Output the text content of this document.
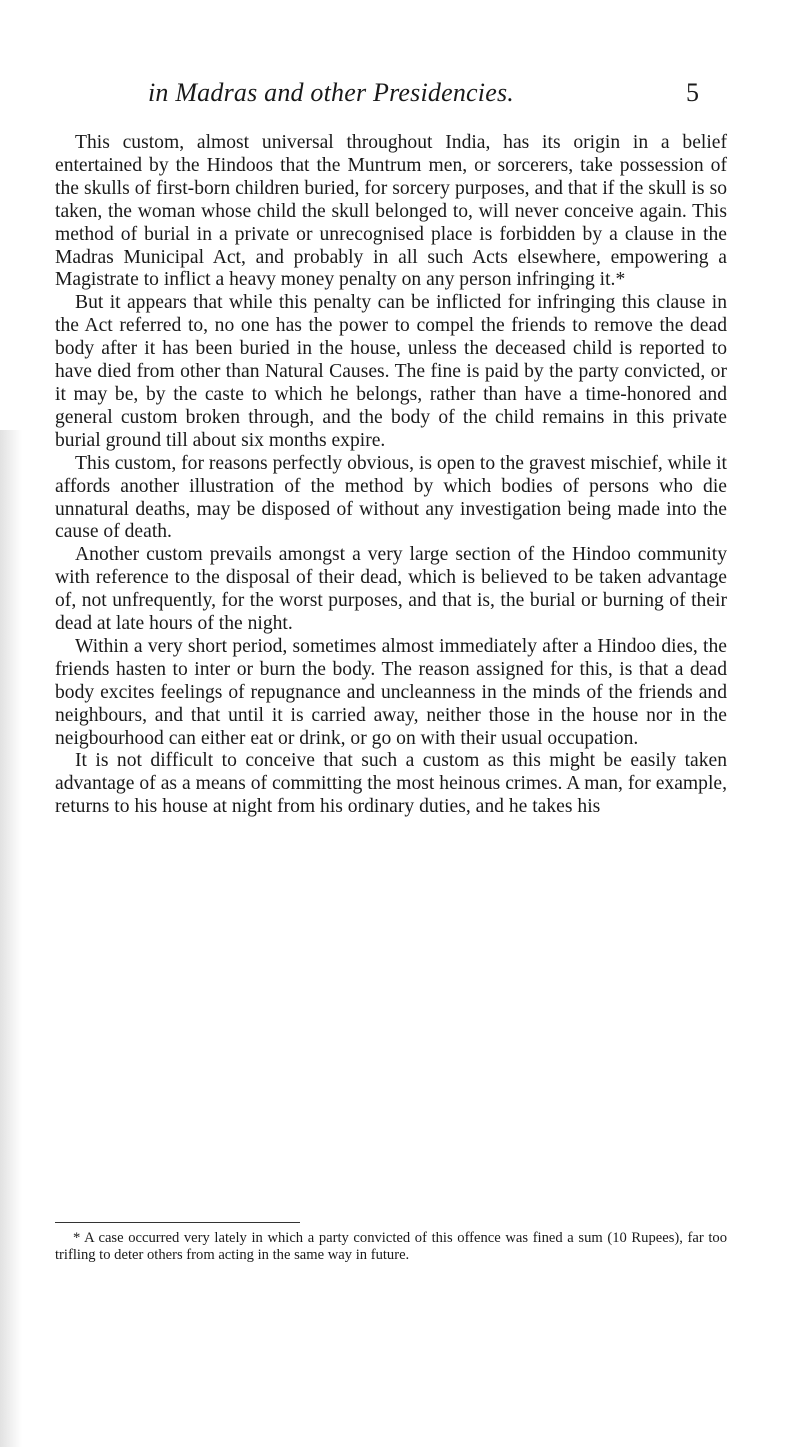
in Madras and other Presidencies.	5

This custom, almost universal throughout India, has its origin in a belief entertained by the Hindoos that the Muntrum men, or sorcerers, take possession of the skulls of first-born children buried, for sorcery purposes, and that if the skull is so taken, the woman whose child the skull belonged to, will never conceive again. This method of burial in a private or unrecognised place is forbidden by a clause in the Madras Municipal Act, and probably in all such Acts elsewhere, empowering a Magistrate to inflict a heavy money penalty on any person infringing it.*

But it appears that while this penalty can be inflicted for infringing this clause in the Act referred to, no one has the power to compel the friends to remove the dead body after it has been buried in the house, unless the deceased child is reported to have died from other than Natural Causes. The fine is paid by the party convicted, or it may be, by the caste to which he belongs, rather than have a time-honored and general custom broken through, and the body of the child remains in this private burial ground till about six months expire.

This custom, for reasons perfectly obvious, is open to the gravest mischief, while it affords another illustration of the method by which bodies of persons who die unnatural deaths, may be disposed of without any investigation being made into the cause of death.

Another custom prevails amongst a very large section of the Hindoo community with reference to the disposal of their dead, which is believed to be taken advantage of, not unfrequently, for the worst purposes, and that is, the burial or burning of their dead at late hours of the night.

Within a very short period, sometimes almost immediately after a Hindoo dies, the friends hasten to inter or burn the body. The reason assigned for this, is that a dead body excites feelings of repugnance and uncleanness in the minds of the friends and neighbours, and that until it is carried away, neither those in the house nor in the neigbourhood can either eat or drink, or go on with their usual occupation.

It is not difficult to conceive that such a custom as this might be easily taken advantage of as a means of committing the most heinous crimes. A man, for example, returns to his house at night from his ordinary duties, and he takes his

* A case occurred very lately in which a party convicted of this offence was fined a sum (10 Rupees), far too trifling to deter others from acting in the same way in future.
